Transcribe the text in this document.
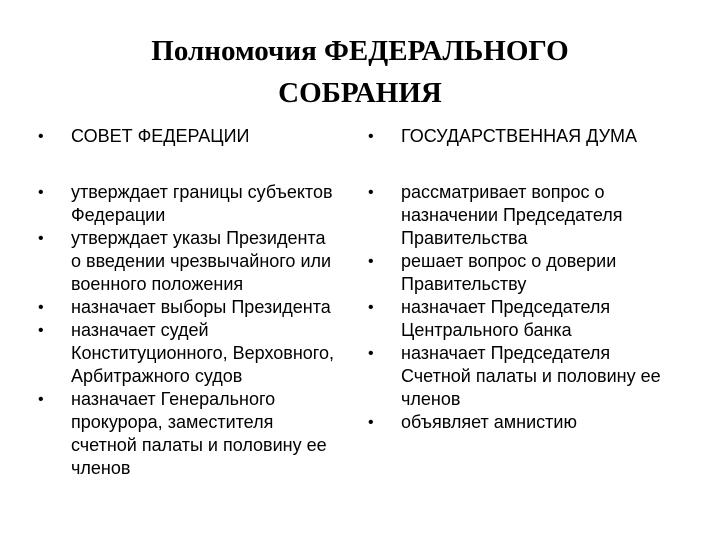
Полномочия ФЕДЕРАЛЬНОГО
СОБРАНИЯ
•	СОВЕТ ФЕДЕРАЦИИ
•	утверждает границы субъектов Федерации
•	утверждает указы Президента о введении чрезвычайного или военного положения
•	назначает выборы Президента
•	назначает судей Конституционного, Верховного, Арбитражного судов
•	назначает Генерального прокурора, заместителя счетной палаты и половину ее членов
•	ГОСУДАРСТВЕННАЯ ДУМА
•	рассматривает вопрос о назначении Председателя Правительства
•	решает вопрос о доверии Правительству
•	назначает Председателя Центрального банка
•	назначает Председателя Счетной палаты и половину ее членов
•	объявляет амнистию
